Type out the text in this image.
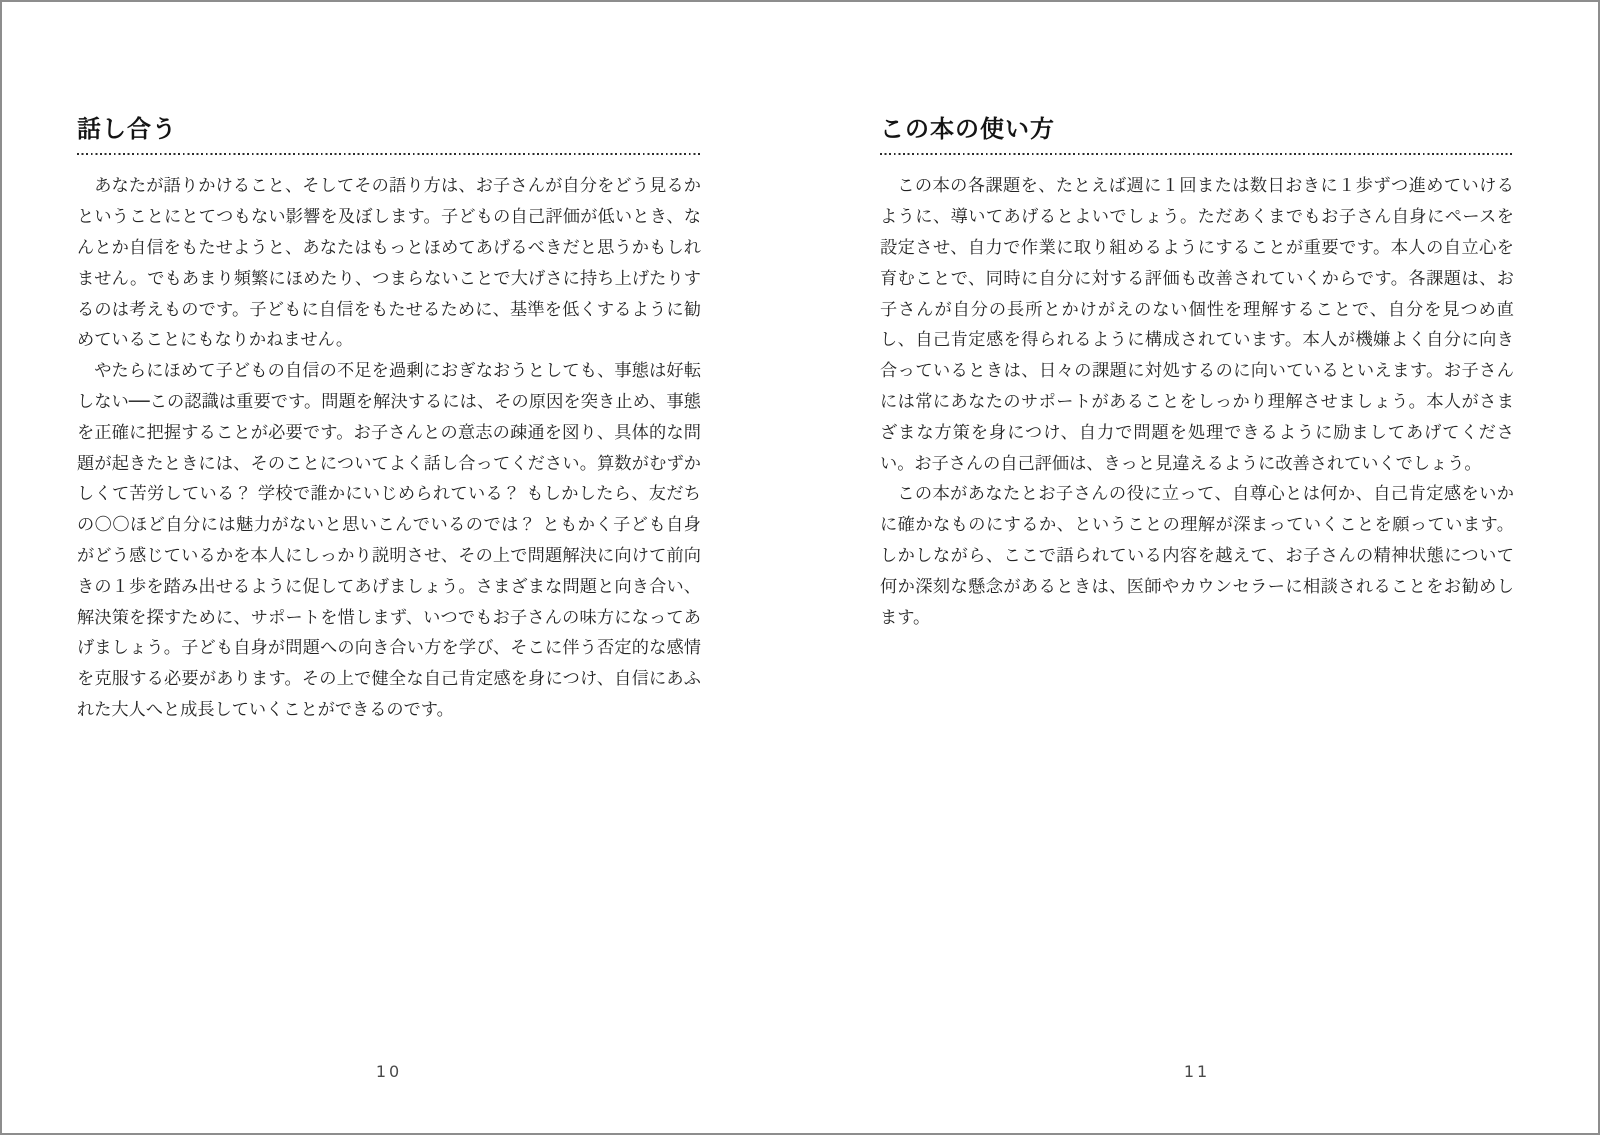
話し合う

あなたが語りかけること、そしてその語り方は、お子さんが自分をどう見るかということにとてつもない影響を及ぼします。子どもの自己評価が低いとき、なんとか自信をもたせようと、あなたはもっとほめてあげるべきだと思うかもしれません。でもあまり頻繁にほめたり、つまらないことで大げさに持ち上げたりするのは考えものです。子どもに自信をもたせるために、基準を低くするように勧めていることにもなりかねません。

やたらにほめて子どもの自信の不足を過剰におぎなおうとしても、事態は好転しない──この認識は重要です。問題を解決するには、その原因を突き止め、事態を正確に把握することが必要です。お子さんとの意志の疎通を図り、具体的な問題が起きたときには、そのことについてよく話し合ってください。算数がむずかしくて苦労している？ 学校で誰かにいじめられている？ もしかしたら、友だちの〇〇ほど自分には魅力がないと思いこんでいるのでは？ ともかく子ども自身がどう感じているかを本人にしっかり説明させ、その上で問題解決に向けて前向きの１歩を踏み出せるように促してあげましょう。さまざまな問題と向き合い、解決策を探すために、サポートを惜しまず、いつでもお子さんの味方になってあげましょう。子ども自身が問題への向き合い方を学び、そこに伴う否定的な感情を克服する必要があります。その上で健全な自己肯定感を身につけ、自信にあふれた大人へと成長していくことができるのです。

この本の使い方

この本の各課題を、たとえば週に１回または数日おきに１歩ずつ進めていけるように、導いてあげるとよいでしょう。ただあくまでもお子さん自身にペースを設定させ、自力で作業に取り組めるようにすることが重要です。本人の自立心を育むことで、同時に自分に対する評価も改善されていくからです。各課題は、お子さんが自分の長所とかけがえのない個性を理解することで、自分を見つめ直し、自己肯定感を得られるように構成されています。本人が機嫌よく自分に向き合っているときは、日々の課題に対処するのに向いているといえます。お子さんには常にあなたのサポートがあることをしっかり理解させましょう。本人がさまざまな方策を身につけ、自力で問題を処理できるように励ましてあげてください。お子さんの自己評価は、きっと見違えるように改善されていくでしょう。

この本があなたとお子さんの役に立って、自尊心とは何か、自己肯定感をいかに確かなものにするか、ということの理解が深まっていくことを願っています。しかしながら、ここで語られている内容を越えて、お子さんの精神状態について何か深刻な懸念があるときは、医師やカウンセラーに相談されることをお勧めします。

10	11
